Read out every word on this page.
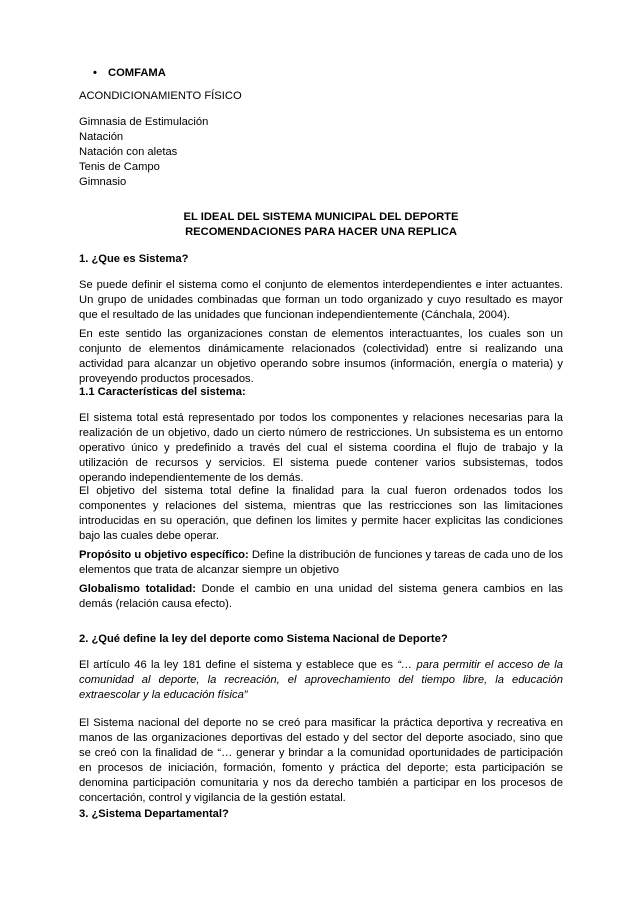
• COMFAMA

ACONDICIONAMIENTO FÍSICO

Gimnasia de Estimulación

Natación

Natación con aletas

Tenis de Campo

Gimnasio

EL IDEAL DEL SISTEMA MUNICIPAL DEL DEPORTE

RECOMENDACIONES PARA HACER UNA REPLICA

1. ¿Que es Sistema?

Se puede definir el sistema como el conjunto de elementos interdependientes e inter actuantes. Un grupo de unidades combinadas que forman un todo organizado y cuyo resultado es mayor que el resultado de las unidades que funcionan independientemente (Cánchala, 2004).

En este sentido las organizaciones constan de elementos interactuantes, los cuales son un conjunto de elementos dinámicamente relacionados (colectividad) entre si realizando una actividad para alcanzar un objetivo operando sobre insumos (información, energía o materia) y proveyendo productos procesados.

1.1 Características del sistema:

El sistema total está representado por todos los componentes y relaciones necesarias para la realización de un objetivo, dado un cierto número de restricciones. Un subsistema es un entorno operativo único y predefinido a través del cual el sistema coordina el flujo de trabajo y la utilización de recursos y servicios. El sistema puede contener varios subsistemas, todos operando independientemente de los demás.

El objetivo del sistema total define la finalidad para la cual fueron ordenados todos los componentes y relaciones del sistema, mientras que las restricciones son las limitaciones introducidas en su operación, que definen los limites y permite hacer explicitas las condiciones bajo las cuales debe operar.

Propósito u objetivo específico: Define la distribución de funciones y tareas de cada uno de los elementos que trata de alcanzar siempre un objetivo

Globalismo totalidad: Donde el cambio en una unidad del sistema genera cambios en las demás (relación causa efecto).

2. ¿Qué define la ley del deporte como Sistema Nacional de Deporte?

El artículo 46 la ley 181 define el sistema y establece que es “… para permitir el acceso de la comunidad al deporte, la recreación, el aprovechamiento del tiempo libre, la educación extraescolar y la educación física”

El Sistema nacional del deporte no se creó para masificar la práctica deportiva y recreativa en manos de las organizaciones deportivas del estado y del sector del deporte asociado, sino que se creó con la finalidad de “… generar y brindar a la comunidad oportunidades de participación en procesos de iniciación, formación, fomento y práctica del deporte; esta participación se denomina participación comunitaria y nos da derecho también a participar en los procesos de concertación, control y vigilancia de la gestión estatal.

3. ¿Sistema Departamental?
